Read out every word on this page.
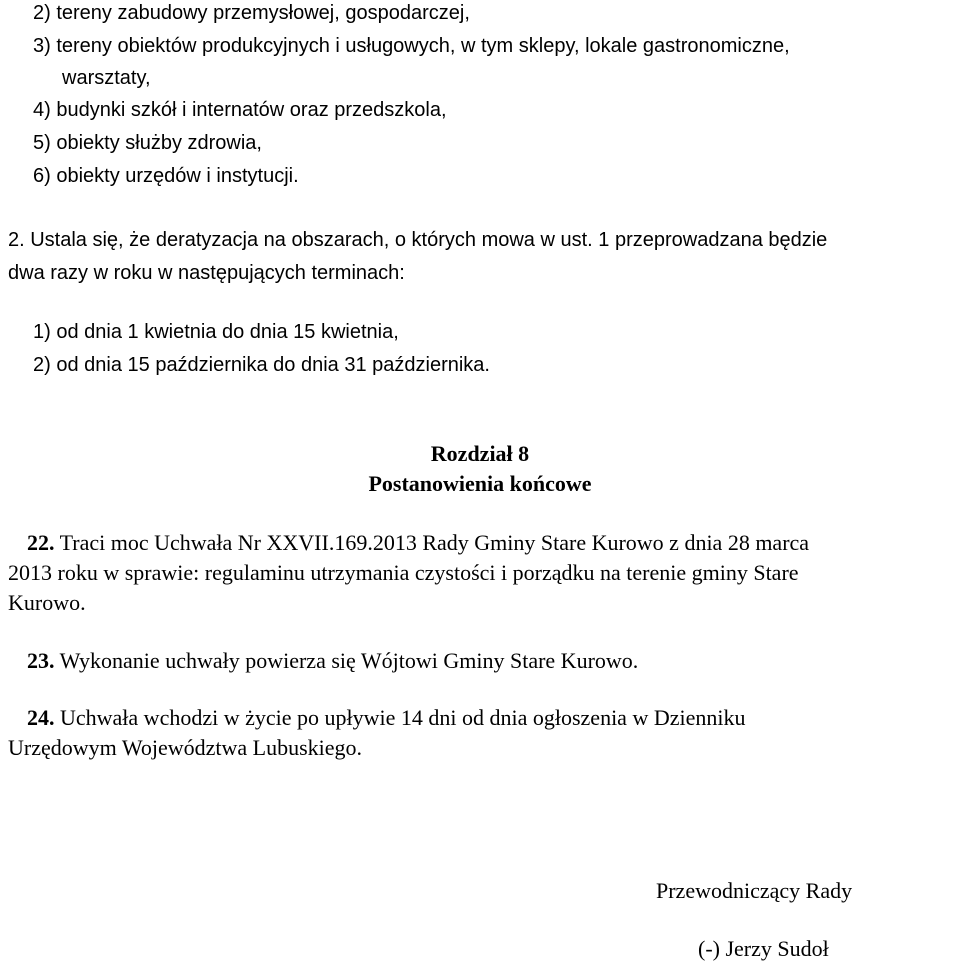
2) tereny zabudowy przemysłowej, gospodarczej,

3) tereny obiektów produkcyjnych i usługowych, w tym sklepy, lokale gastronomiczne,

warsztaty,

4) budynki szkół i internatów oraz przedszkola,

5) obiekty służby zdrowia,

6) obiekty urzędów i instytucji.

2. Ustala się, że deratyzacja na obszarach, o których mowa w ust. 1 przeprowadzana będzie

dwa razy w roku w następujących terminach:

1) od dnia 1 kwietnia do dnia 15 kwietnia,

2) od dnia 15 października do dnia 31 października.

Rozdział 8

Postanowienia końcowe

22. Traci moc Uchwała Nr XXVII.169.2013 Rady Gminy Stare Kurowo z dnia 28 marca

2013 roku w sprawie: regulaminu utrzymania czystości i porządku na terenie gminy Stare

Kurowo.

23. Wykonanie uchwały powierza się Wójtowi Gminy Stare Kurowo.

24. Uchwała wchodzi w życie po upływie 14 dni od dnia ogłoszenia w Dzienniku

Urzędowym Województwa Lubuskiego.

Przewodniczący Rady

(-) Jerzy Sudoł
